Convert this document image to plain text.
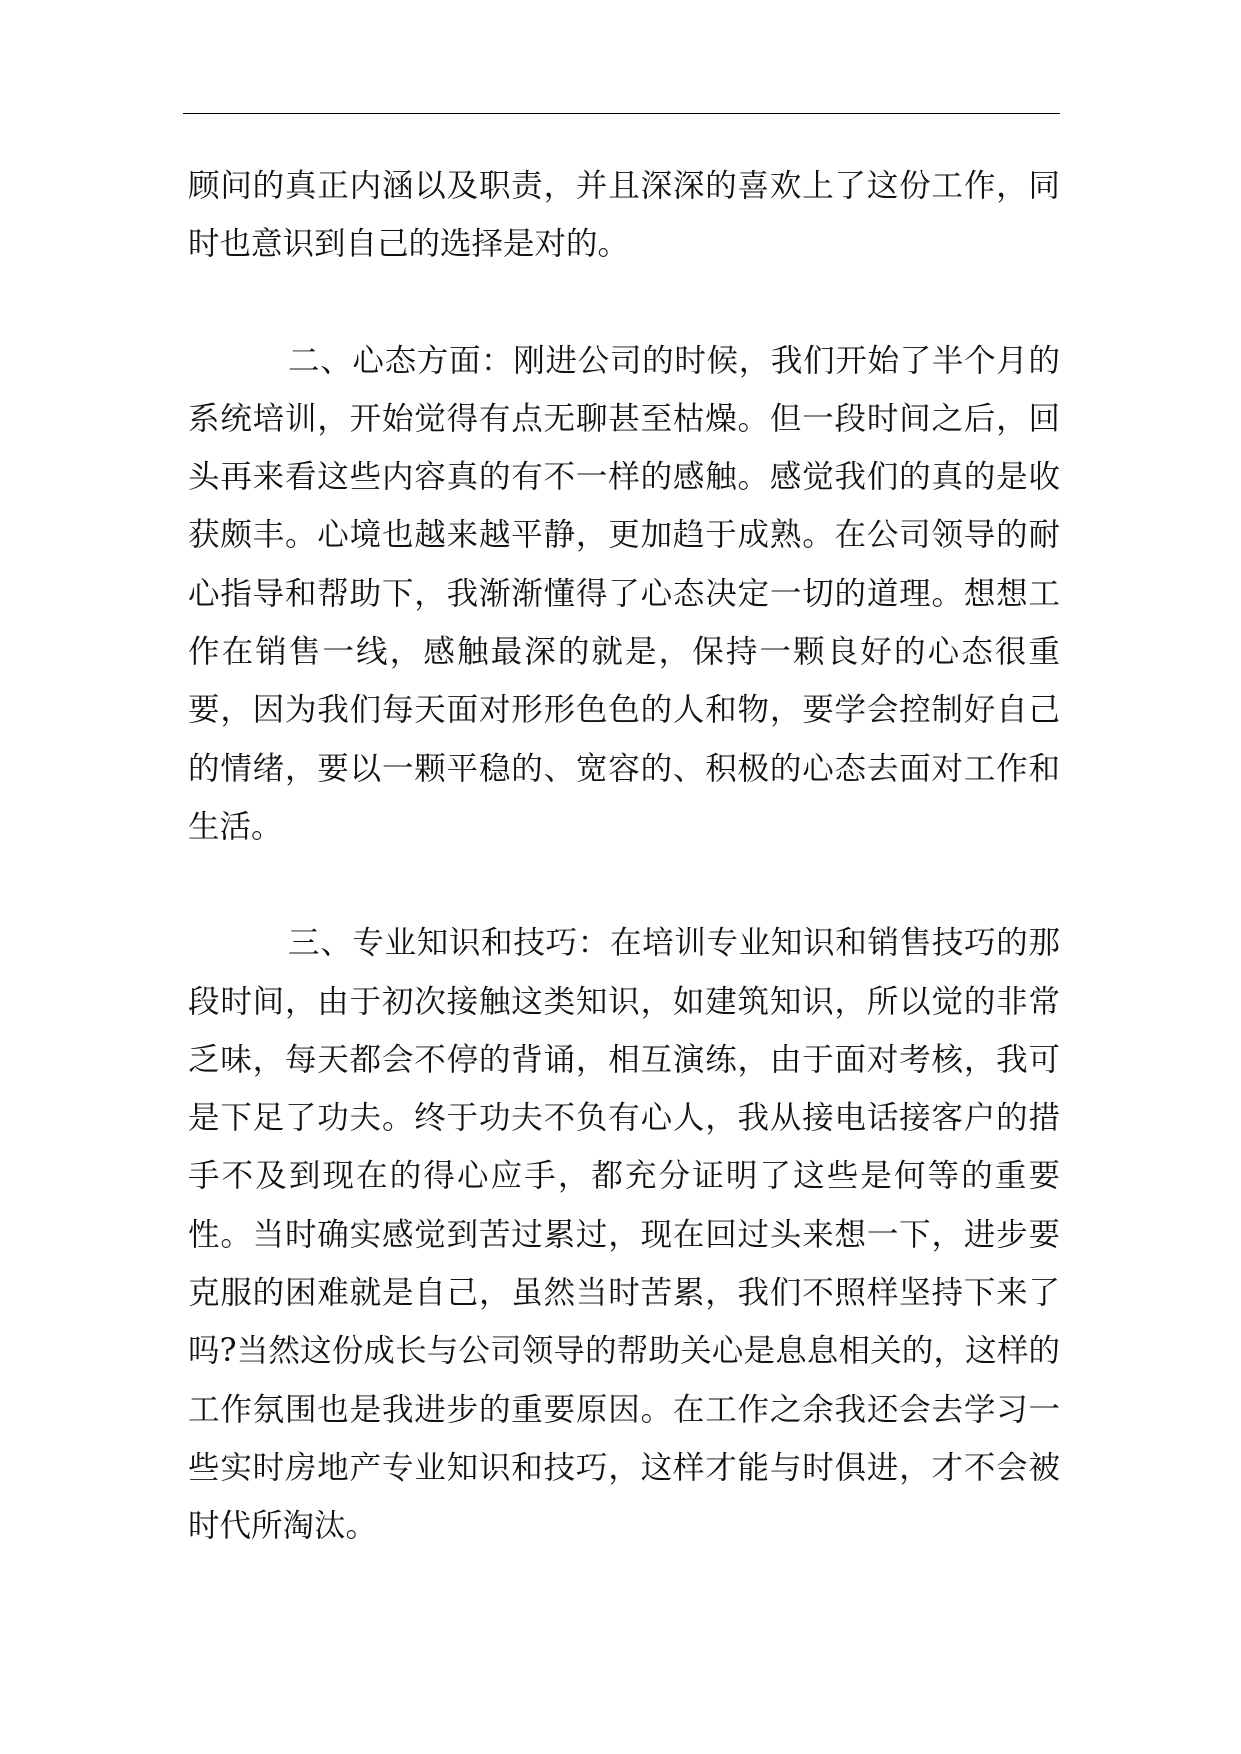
顾问的真正内涵以及职责，并且深深的喜欢上了这份工作，同时也意识到自己的选择是对的。

二、心态方面：刚进公司的时候，我们开始了半个月的系统培训，开始觉得有点无聊甚至枯燥。但一段时间之后，回头再来看这些内容真的有不一样的感触。感觉我们的真的是收获颇丰。心境也越来越平静，更加趋于成熟。在公司领导的耐心指导和帮助下，我渐渐懂得了心态决定一切的道理。想想工作在销售一线，感触最深的就是，保持一颗良好的心态很重要，因为我们每天面对形形色色的人和物，要学会控制好自己的情绪，要以一颗平稳的、宽容的、积极的心态去面对工作和生活。

三、专业知识和技巧：在培训专业知识和销售技巧的那段时间，由于初次接触这类知识，如建筑知识，所以觉的非常乏味，每天都会不停的背诵，相互演练，由于面对考核，我可是下足了功夫。终于功夫不负有心人，我从接电话接客户的措手不及到现在的得心应手，都充分证明了这些是何等的重要性。当时确实感觉到苦过累过，现在回过头来想一下，进步要克服的困难就是自己，虽然当时苦累，我们不照样坚持下来了吗?当然这份成长与公司领导的帮助关心是息息相关的，这样的工作氛围也是我进步的重要原因。在工作之余我还会去学习一些实时房地产专业知识和技巧，这样才能与时俱进，才不会被时代所淘汰。
